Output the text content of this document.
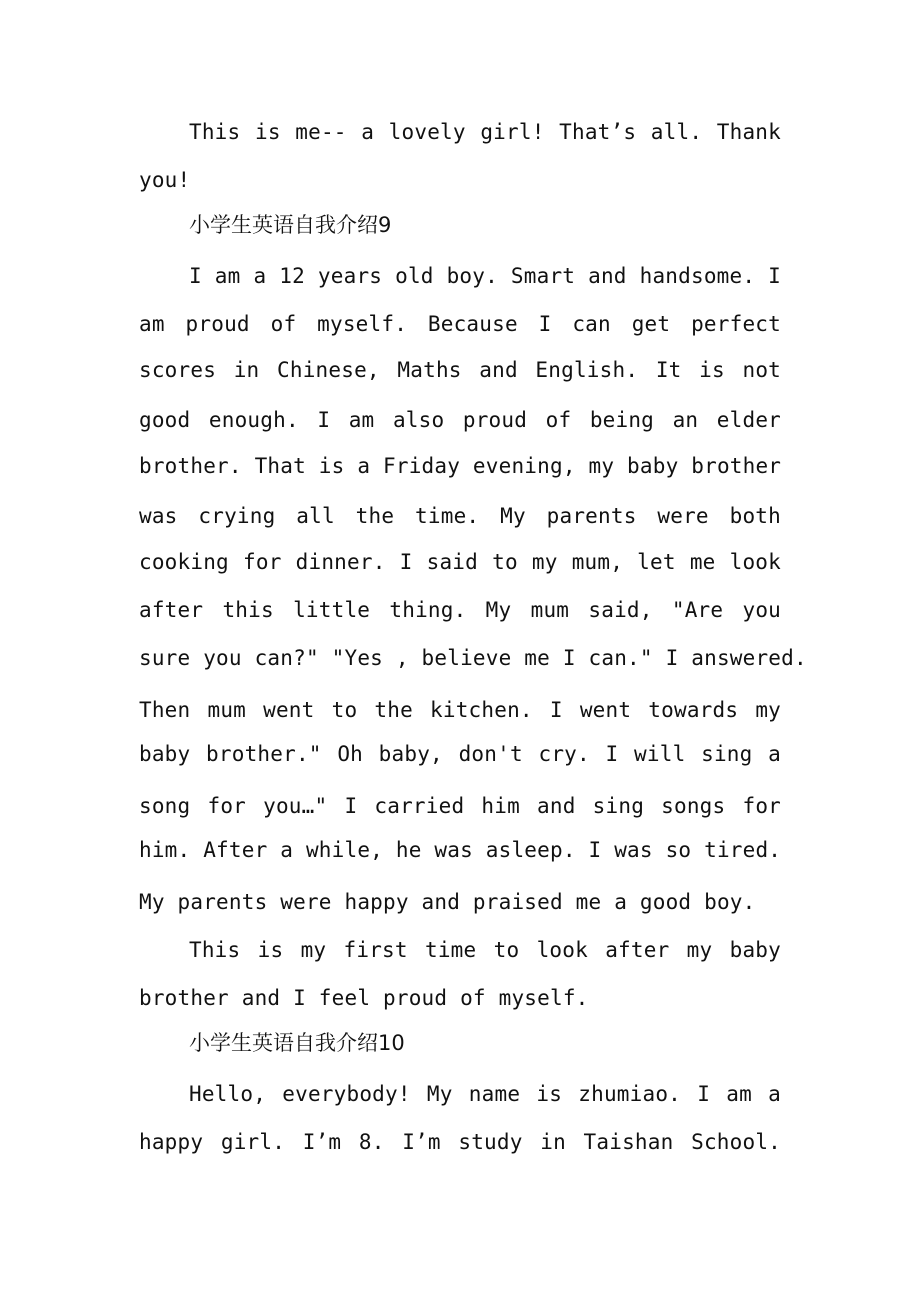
This is me-- a lovely girl! That’s all. Thank
you!
小学生英语自我介绍9
I am a 12 years old boy. Smart and handsome. I
am proud of myself. Because I can get perfect
scores in Chinese, Maths and English. It is not
good enough. I am also proud of being an elder
brother. That is a Friday evening, my baby brother
was crying all the time. My parents were both
cooking for dinner. I said to my mum, let me look
after this little thing. My mum said, "Are you
sure you can?" "Yes , believe me I can." I answered.
Then mum went to the kitchen. I went towards my
baby brother." Oh baby, don't cry. I will sing a
song for you…" I carried him and sing songs for
him. After a while, he was asleep. I was so tired.
My parents were happy and praised me a good boy.
This is my first time to look after my baby
brother and I feel proud of myself.
小学生英语自我介绍10
Hello, everybody! My name is zhumiao. I am a
happy girl. I’m 8. I’m study in Taishan School.
